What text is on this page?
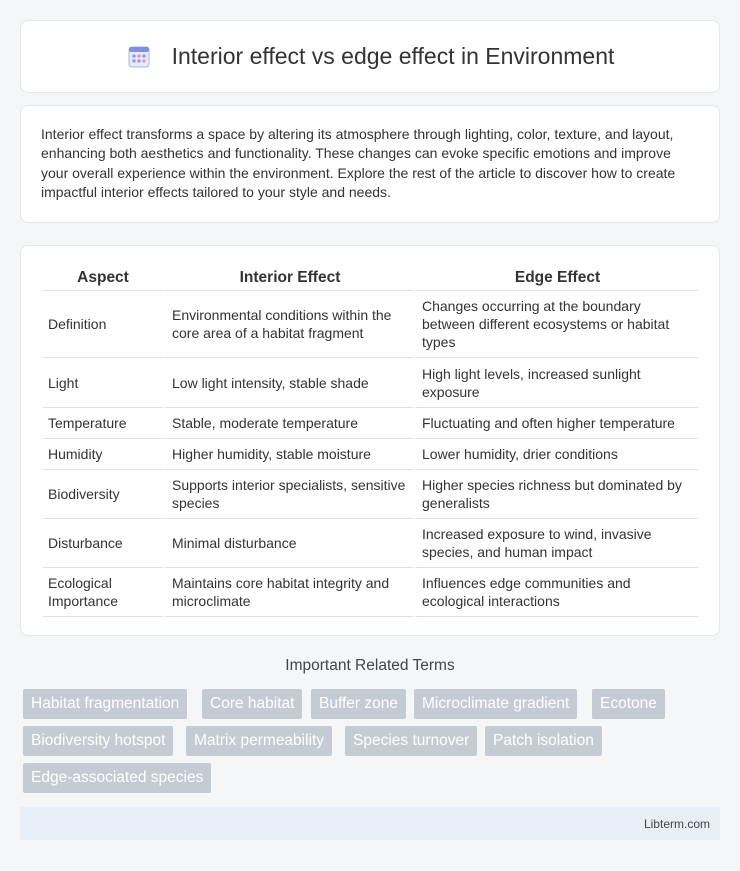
Interior effect vs edge effect in Environment

Interior effect transforms a space by altering its atmosphere through lighting, color, texture, and layout, enhancing both aesthetics and functionality. These changes can evoke specific emotions and improve your overall experience within the environment. Explore the rest of the article to discover how to create impactful interior effects tailored to your style and needs.

Aspect	Interior Effect	Edge Effect
Definition	Environmental conditions within the core area of a habitat fragment	Changes occurring at the boundary between different ecosystems or habitat types
Light	Low light intensity, stable shade	High light levels, increased sunlight exposure
Temperature	Stable, moderate temperature	Fluctuating and often higher temperature
Humidity	Higher humidity, stable moisture	Lower humidity, drier conditions
Biodiversity	Supports interior specialists, sensitive species	Higher species richness but dominated by generalists
Disturbance	Minimal disturbance	Increased exposure to wind, invasive species, and human impact
Ecological Importance	Maintains core habitat integrity and microclimate	Influences edge communities and ecological interactions
Important Related Terms
Habitat fragmentation	Core habitat	Buffer zone	Microclimate gradient	Ecotone
Biodiversity hotspot	Matrix permeability	Species turnover	Patch isolation
Edge-associated species
Libterm.com
